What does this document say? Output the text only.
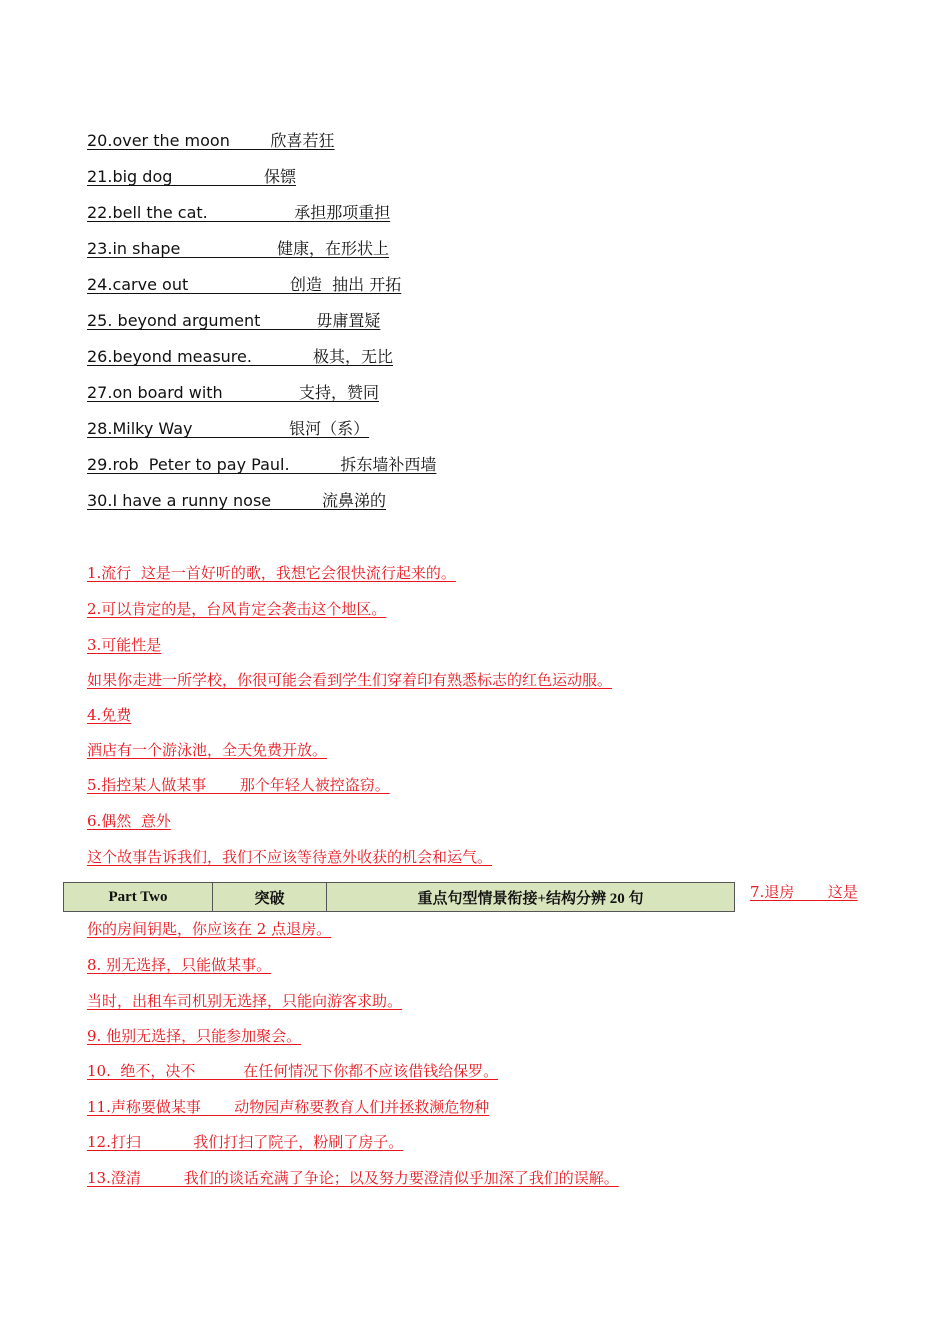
20.over the moon        欣喜若狂
21.big dog                  保镖
22.bell the cat.                 承担那项重担
23.in shape                   健康，在形状上
24.carve out                    创造  抽出 开拓
25. beyond argument           毋庸置疑
26.beyond measure.            极其，无比
27.on board with               支持，赞同
28.Milky Way                   银河（系）
29.rob  Peter to pay Paul.          拆东墙补西墙
30.I have a runny nose          流鼻涕的
1.流行  这是一首好听的歌，我想它会很快流行起来的。
2.可以肯定的是，台风肯定会袭击这个地区。
3.可能性是
如果你走进一所学校，你很可能会看到学生们穿着印有熟悉标志的红色运动服。
4.免费
酒店有一个游泳池，全天免费开放。
5.指控某人做某事       那个年轻人被控盗窃。
6.偶然  意外
这个故事告诉我们，我们不应该等待意外收获的机会和运气。
Part Two	突破	重点句型情景衔接+结构分辨 20 句	7.退房       这是
你的房间钥匙，你应该在 2 点退房。
8. 别无选择，只能做某事。
当时，出租车司机别无选择，只能向游客求助。
9. 他别无选择，只能参加聚会。
10.  绝不，决不          在任何情况下你都不应该借钱给保罗。
11.声称要做某事       动物园声称要教育人们并拯救濒危物种
12.打扫           我们打扫了院子，粉刷了房子。
13.澄清         我们的谈话充满了争论；以及努力要澄清似乎加深了我们的误解。
